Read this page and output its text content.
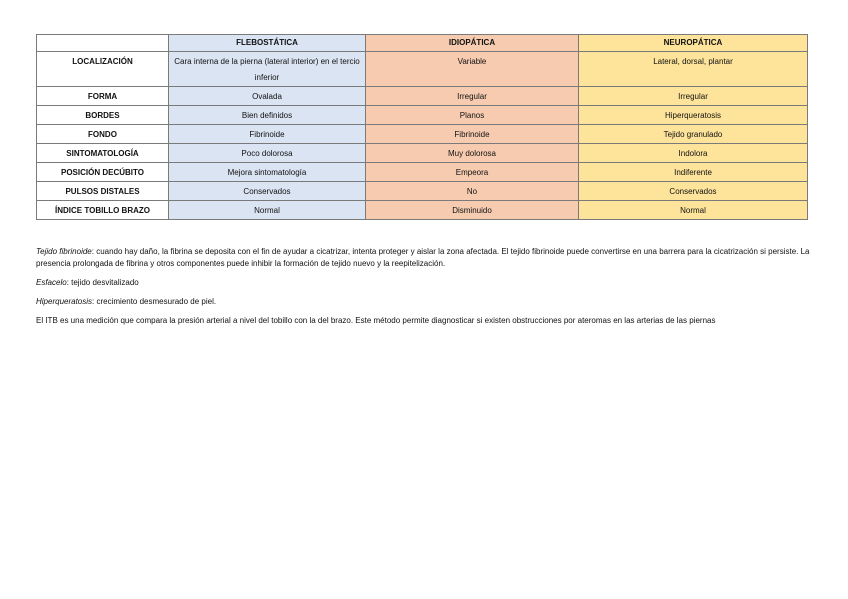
	FLEBOSTÁTICA	IDIOPÁTICA	NEUROPÁTICA
LOCALIZACIÓN	Cara interna de la pierna (lateral interior) en el tercio inferior	Variable	Lateral, dorsal, plantar
FORMA	Ovalada	Irregular	Irregular
BORDES	Bien definidos	Planos	Hiperqueratosis
FONDO	Fibrinoide	Fibrinoide	Tejido granulado
SINTOMATOLOGÍA	Poco dolorosa	Muy dolorosa	Indolora
POSICIÓN DECÚBITO	Mejora sintomatología	Empeora	Indiferente
PULSOS DISTALES	Conservados	No	Conservados
ÍNDICE TOBILLO BRAZO	Normal	Disminuido	Normal

Tejido fibrinoide: cuando hay daño, la fibrina se deposita con el fin de ayudar a cicatrizar, intenta proteger y aislar la zona afectada. El tejido fibrinoide puede convertirse en una barrera para la cicatrización si persiste. La presencia prolongada de fibrina y otros componentes puede inhibir la formación de tejido nuevo y la reepitelización.

Esfacelo: tejido desvitalizado

Hiperqueratosis: crecimiento desmesurado de piel.

El ITB es una medición que compara la presión arterial a nivel del tobillo con la del brazo. Este método permite diagnosticar si existen obstrucciones por ateromas en las arterias de las piernas
